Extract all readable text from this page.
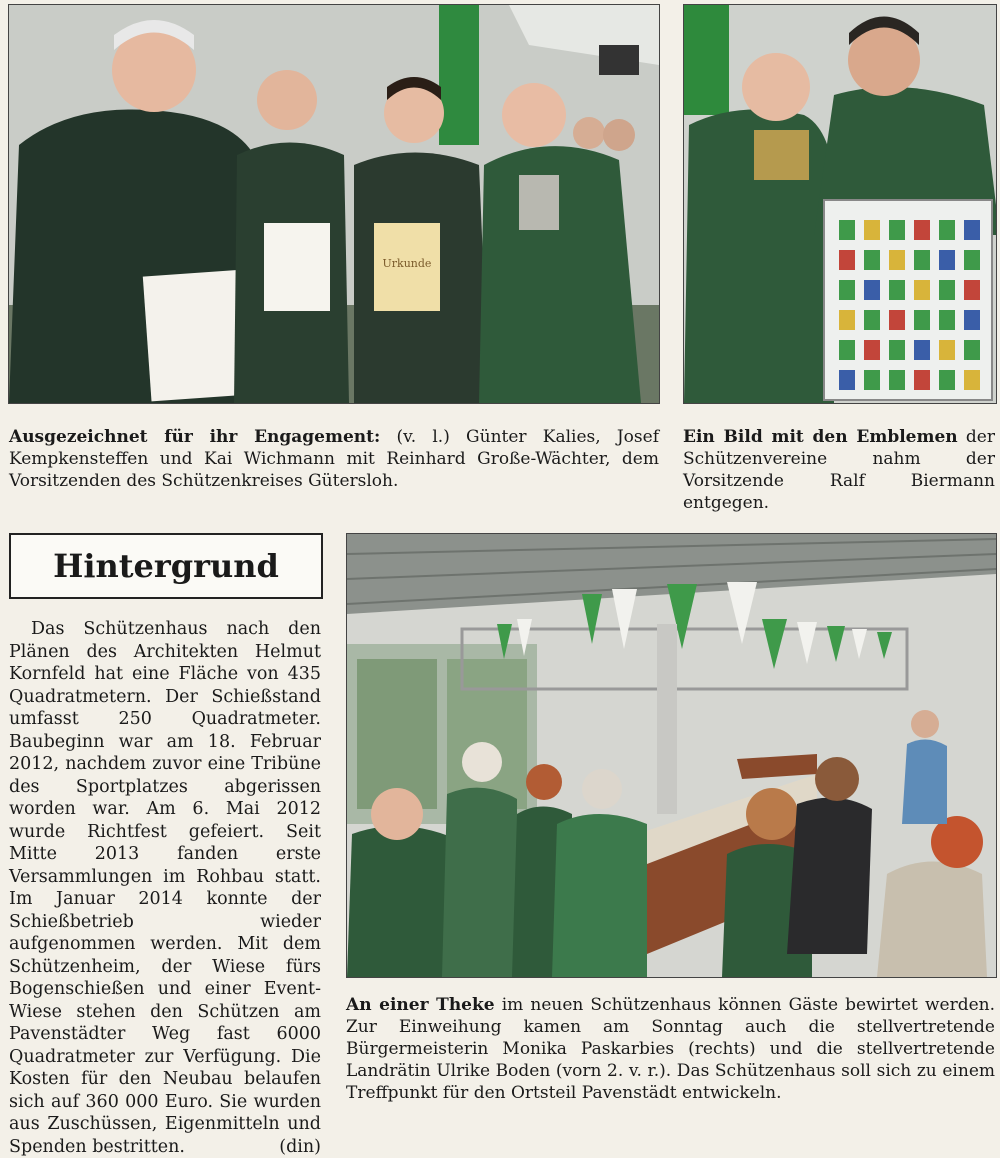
Urkunde

Ausgezeichnet für ihr Engagement: (v. l.) Günter Kalies, Josef Kempkensteffen und Kai Wichmann mit Reinhard Große-Wächter, dem Vorsitzenden des Schützenkreises Gütersloh.

Ein Bild mit den Emblemen der Schützenvereine nahm der Vorsitzende Ralf Biermann entgegen.

Hintergrund

Das Schützenhaus nach den Plänen des Architekten Helmut Kornfeld hat eine Fläche von 435 Quadratmetern. Der Schießstand umfasst 250 Quadratmeter. Baubeginn war am 18. Februar 2012, nachdem zuvor eine Tribüne des Sportplatzes abgerissen worden war. Am 6. Mai 2012 wurde Richtfest gefeiert. Seit Mitte 2013 fanden erste Versammlungen im Rohbau statt. Im Januar 2014 konnte der Schießbetrieb wieder aufgenommen werden. Mit dem Schützenheim, der Wiese fürs Bogenschießen und einer Event-Wiese stehen den Schützen am Pavenstädter Weg fast 6000 Quadratmeter zur Verfügung. Die Kosten für den Neubau belaufen sich auf 360 000 Euro. Sie wurden aus Zuschüssen, Eigenmitteln und Spenden bestritten.	(din)

An einer Theke im neuen Schützenhaus können Gäste bewirtet werden. Zur Einweihung kamen am Sonntag auch die stellvertretende Bürgermeisterin Monika Paskarbies (rechts) und die stellvertretende Landrätin Ulrike Boden (vorn 2. v. r.). Das Schützenhaus soll sich zu einem Treffpunkt für den Ortsteil Pavenstädt entwickeln.
